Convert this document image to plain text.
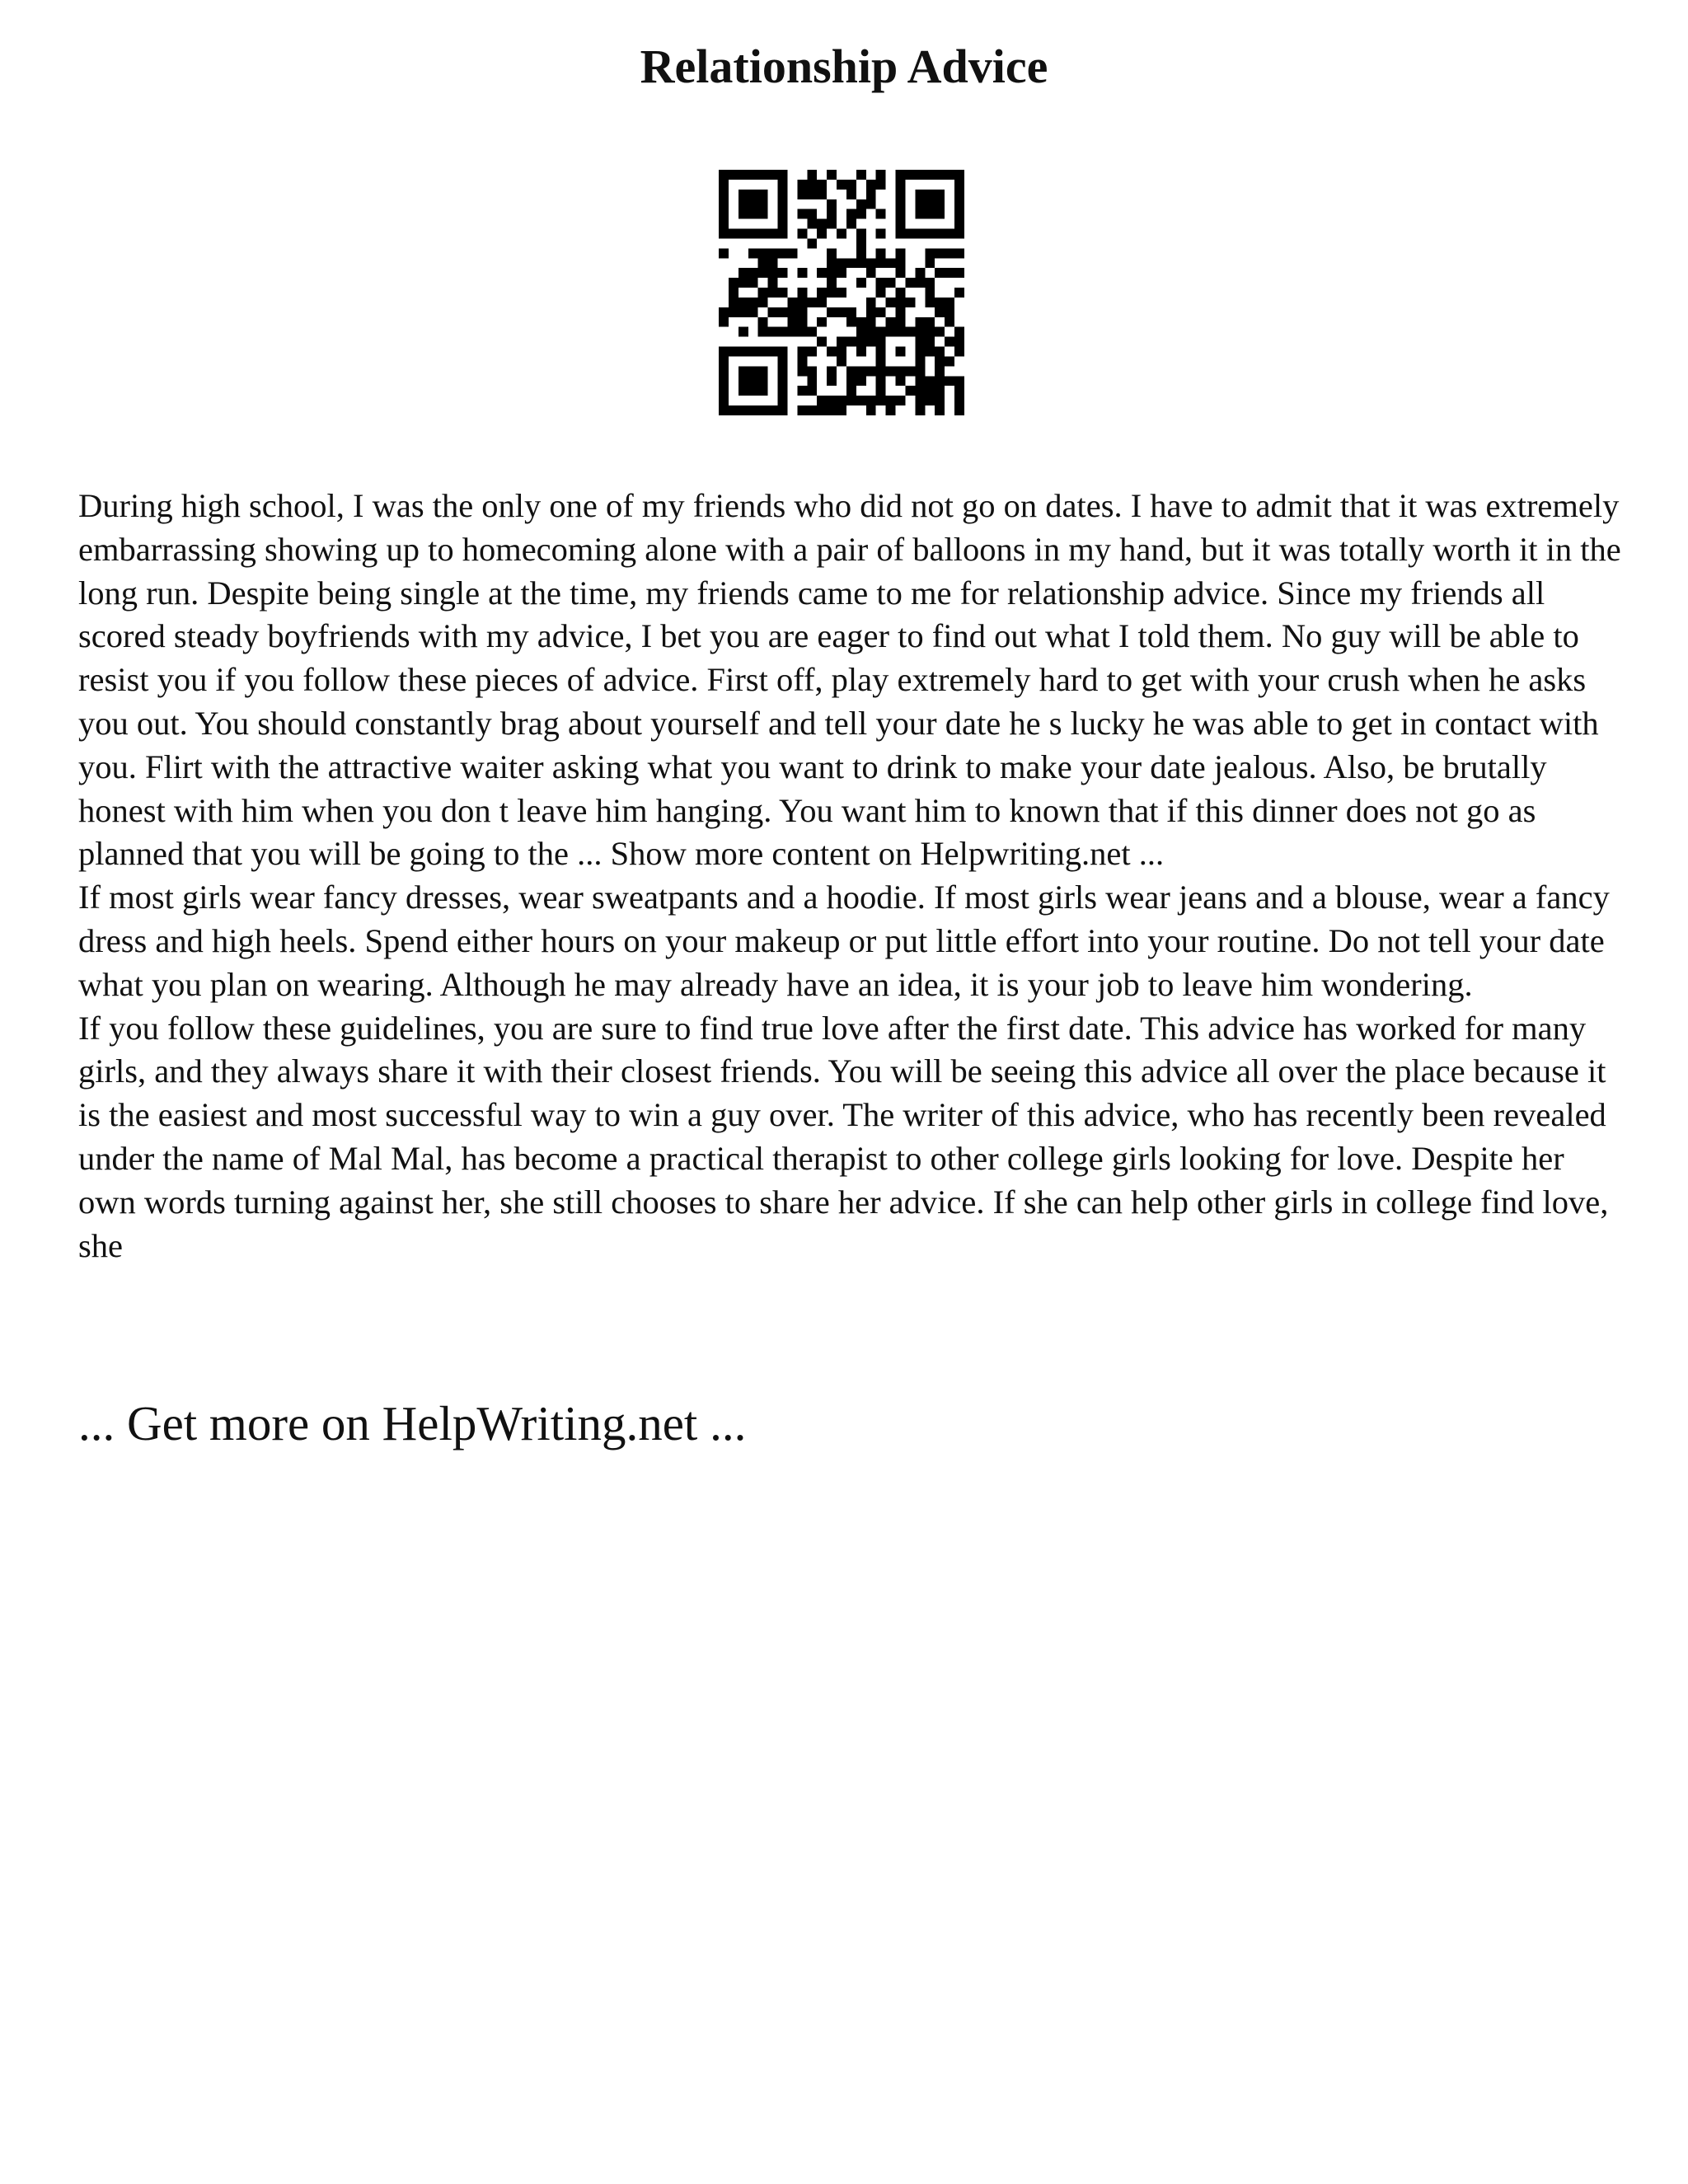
Relationship Advice

During high school, I was the only one of my friends who did not go on dates. I have to admit that it was extremely embarrassing showing up to homecoming alone with a pair of balloons in my hand, but it was totally worth it in the long run. Despite being single at the time, my friends came to me for relationship advice. Since my friends all scored steady boyfriends with my advice, I bet you are eager to find out what I told them. No guy will be able to resist you if you follow these pieces of advice. First off, play extremely hard to get with your crush when he asks you out. You should constantly brag about yourself and tell your date he s lucky he was able to get in contact with you. Flirt with the attractive waiter asking what you want to drink to make your date jealous. Also, be brutally honest with him when you don t leave him hanging. You want him to known that if this dinner does not go as planned that you will be going to the ... Show more content on Helpwriting.net ...

If most girls wear fancy dresses, wear sweatpants and a hoodie. If most girls wear jeans and a blouse, wear a fancy dress and high heels. Spend either hours on your makeup or put little effort into your routine. Do not tell your date what you plan on wearing. Although he may already have an idea, it is your job to leave him wondering.

If you follow these guidelines, you are sure to find true love after the first date. This advice has worked for many girls, and they always share it with their closest friends. You will be seeing this advice all over the place because it is the easiest and most successful way to win a guy over. The writer of this advice, who has recently been revealed under the name of Mal Mal, has become a practical therapist to other college girls looking for love. Despite her own words turning against her, she still chooses to share her advice. If she can help other girls in college find love, she

... Get more on HelpWriting.net ...
